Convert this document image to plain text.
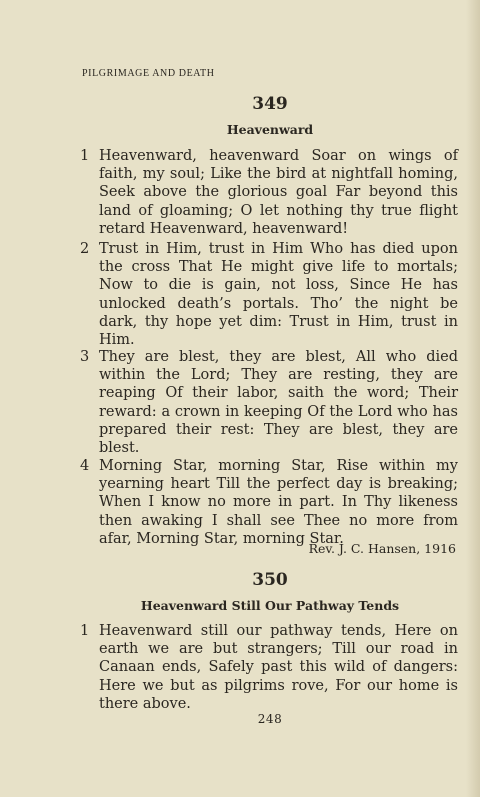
PILGRIMAGE AND DEATH
349
Heavenward
1 Heavenward, heavenward Soar on wings of faith, my soul; Like the bird at nightfall homing, Seek above the glorious goal Far beyond this land of gloaming; O let nothing thy true flight retard Heavenward, heavenward!
2 Trust in Him, trust in Him Who has died upon the cross That He might give life to mortals; Now to die is gain, not loss, Since He has unlocked death’s portals. Tho’ the night be dark, thy hope yet dim: Trust in Him, trust in Him.
3 They are blest, they are blest, All who died within the Lord; They are resting, they are reaping Of their labor, saith the word; Their reward: a crown in keeping Of the Lord who has prepared their rest: They are blest, they are blest.
4 Morning Star, morning Star, Rise within my yearning heart Till the perfect day is breaking; When I know no more in part. In Thy likeness then awaking I shall see Thee no more from afar, Morning Star, morning Star.
Rev. J. C. Hansen, 1916
350
Heavenward Still Our Pathway Tends
1 Heavenward still our pathway tends, Here on earth we are but strangers; Till our road in Canaan ends, Safely past this wild of dangers: Here we but as pilgrims rove, For our home is there above.
248
